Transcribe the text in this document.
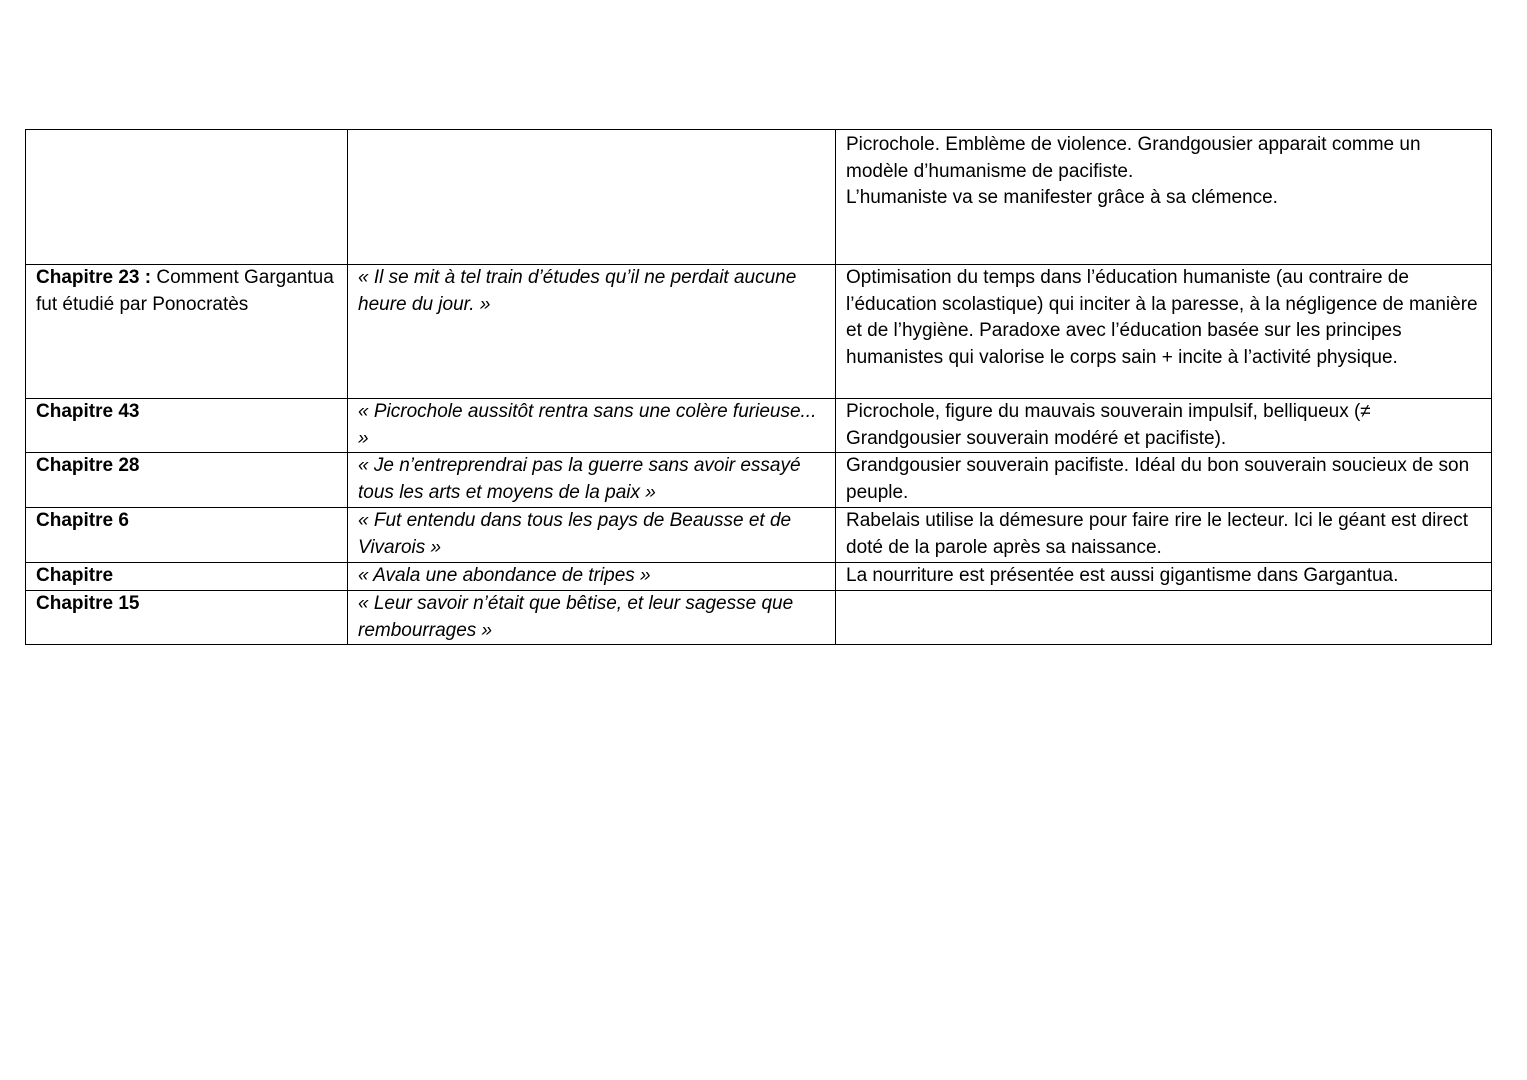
		Picrochole. Emblème de violence. Grandgousier apparait comme un modèle d’humanisme de pacifiste.
L’humaniste va se manifester grâce à sa clémence.

Chapitre 23 : Comment Gargantua fut étudié par Ponocratès	« Il se mit à tel train d’études qu’il ne perdait aucune heure du jour. »	Optimisation du temps dans l’éducation humaniste (au contraire de l’éducation scolastique) qui inciter à la paresse, à la négligence de manière et de l’hygiène. Paradoxe avec l’éducation basée sur les principes humanistes qui valorise le corps sain + incite à l’activité physique.

Chapitre 43	« Picrochole aussitôt rentra sans une colère furieuse... »	Picrochole, figure du mauvais souverain impulsif, belliqueux (≠ Grandgousier souverain modéré et pacifiste).

Chapitre 28	« Je n’entreprendrai pas la guerre sans avoir essayé tous les arts et moyens de la paix »	Grandgousier souverain pacifiste. Idéal du bon souverain soucieux de son peuple.

Chapitre 6	« Fut entendu dans tous les pays de Beausse et de Vivarois »	Rabelais utilise la démesure pour faire rire le lecteur. Ici le géant est direct doté de la parole après sa naissance.

Chapitre	« Avala une abondance de tripes »	La nourriture est présentée est aussi gigantisme dans Gargantua.

Chapitre 15	« Leur savoir n’était que bêtise, et leur sagesse que rembourrages »	
